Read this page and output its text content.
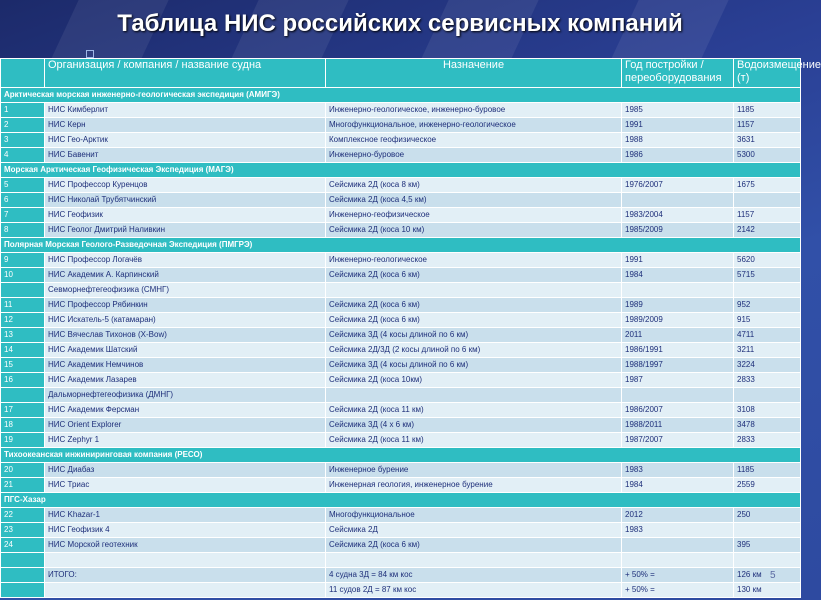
Таблица НИС российских сервисных компаний
	Организация / компания / название судна	Назначение	Год постройки / переоборудования	Водоизмещение (т)
Арктическая морская инженерно-геологическая экспедиция (АМИГЭ)				
1	НИС Кимберлит	Инженерно-геологическое, инженерно-буровое	1985	1185
2	НИС Керн	Многофункциональное, инженерно-геологическое	1991	1157
3	НИС Гео-Арктик	Комплексное геофизическое	1988	3631
4	НИС Бавенит	Инженерно-буровое	1986	5300
Морская Арктическая Геофизическая Экспедиция (МАГЭ)				
5	НИС Профессор Куренцов	Сейсмика 2Д (коса 8 км)	1976/2007	1675
6	НИС Николай Трубятчинский	Сейсмика 2Д (коса 4,5 км)		
7	НИС Геофизик	Инженерно-геофизическое	1983/2004	1157
8	НИС Геолог Дмитрий Наливкин	Сейсмика 2Д (коса 10 км)	1985/2009	2142
Полярная Морская Геолого-Разведочная Экспедиция (ПМГРЭ)				
9	НИС Профессор Логачёв	Инженерно-геологическое	1991	5620
10	НИС Академик А. Карпинский	Сейсмика 2Д (коса 6 км)	1984	5715
	Севморнефтегеофизика (СМНГ)			
11	НИС Профессор Рябинкин	Сейсмика 2Д (коса 6 км)	1989	952
12	НИС Искатель-5 (катамаран)	Сейсмика 2Д (коса 6 км)	1989/2009	915
13	НИС Вячеслав Тихонов (X-Bow)	Сейсмика 3Д (4 косы длиной по 6 км)	2011	4711
14	НИС Академик Шатский	Сейсмика 2Д/3Д (2 косы длиной по 6 км)	1986/1991	3211
15	НИС Академик Немчинов	Сейсмика 3Д (4 косы длиной по 6 км)	1988/1997	3224
16	НИС Академик Лазарев	Сейсмика 2Д (коса 10км)	1987	2833
	Дальморнефтегеофизика (ДМНГ)			
17	НИС Академик Ферсман	Сейсмика 2Д (коса 11 км)	1986/2007	3108
18	НИС Orient Explorer	Сейсмика 3Д (4 х 6 км)	1988/2011	3478
19	НИС Zephyr 1	Сейсмика 2Д (коса 11 км)	1987/2007	2833
Тихоокеанская инжиниринговая компания (РЕСО)				
20	НИС Диабаз	Инженерное бурение	1983	1185
21	НИС Триас	Инженерная геология, инженерное бурение	1984	2559
ПГС-Хазар				
22	НИС Khazar-1	Многофункциональное	2012	250
23	НИС Геофизик 4	Сейсмика 2Д	1983	
24	НИС Морской геотехник	Сейсмика 2Д (коса 6 км)		395

	ИТОГО:	4 судна 3Д = 84 км кос	+ 50% =	126 км
		11 судов 2Д = 87 км кос	+ 50% =	130 км
5
